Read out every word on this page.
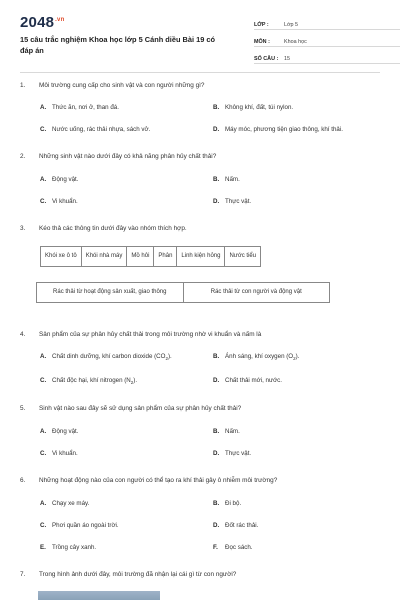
$2048^{.vn}$
15 câu trắc nghiệm Khoa học lớp 5 Cánh diều Bài 19 có đáp án
LỚP :	Lớp 5
MÔN :	Khoa học
SỐ CÂU :	15
1. Môi trường cung cấp cho sinh vật và con người những gì?
A. Thức ăn, nơi ở, than đá.	B. Không khí, đất, túi nylon.
C. Nước uống, rác thải nhựa, sách vở.	D. Máy móc, phương tiện giao thông, khí thải.
2. Những sinh vật nào dưới đây có khả năng phân hủy chất thải?
A. Động vật.	B. Nấm.
C. Vi khuẩn.	D. Thực vật.
3. Kéo thả các thông tin dưới đây vào nhóm thích hợp.
Khói xe ô tô	Khói nhà máy	Mồ hôi	Phân	Linh kiện hỏng	Nước tiểu
Rác thải từ hoạt động sản xuất, giao thông	Rác thải từ con người và động vật
4. Sản phẩm của sự phân hủy chất thải trong môi trường nhờ vi khuẩn và nấm là
A. Chất dinh dưỡng, khí carbon dioxide $(CO_2)$.	B. Ánh sáng, khí oxygen $(O_2)$.
C. Chất độc hại, khí nitrogen $(N_2)$.	D. Chất thải mới, nước.
5. Sinh vật nào sau đây sẽ sử dụng sản phẩm của sự phân hủy chất thải?
A. Động vật.	B. Nấm.
C. Vi khuẩn.	D. Thực vật.
6. Những hoạt động nào của con người có thể tạo ra khí thải gây ô nhiễm môi trường?
A. Chạy xe máy.	B. Đi bộ.
C. Phơi quần áo ngoài trời.	D. Đốt rác thải.
E. Trồng cây xanh.	F. Đọc sách.
7. Trong hình ảnh dưới đây, môi trường đã nhận lại cái gì từ con người?
